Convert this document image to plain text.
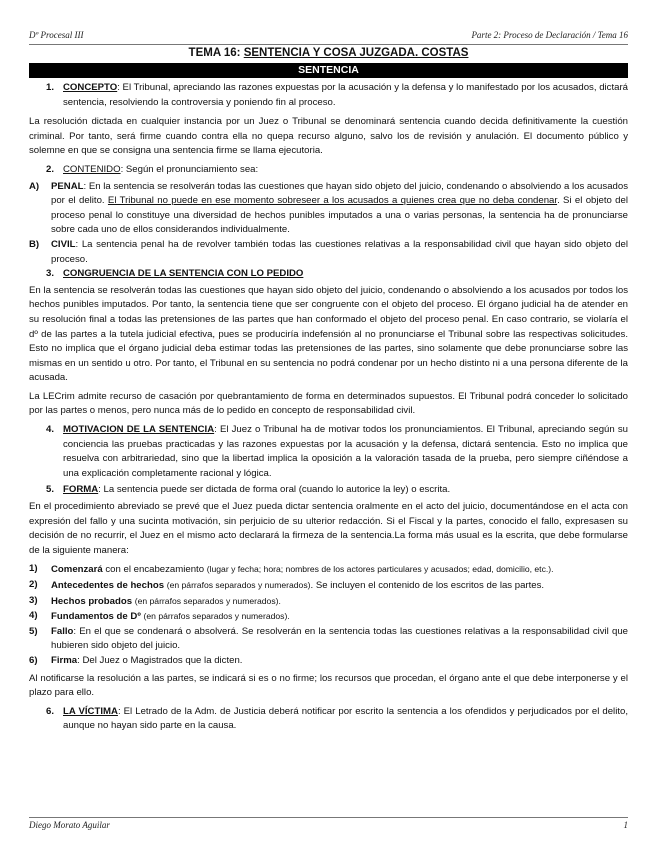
Dº Procesal III	Parte 2: Proceso de Declaración / Tema 16
TEMA 16: SENTENCIA Y COSA JUZGADA. COSTAS
SENTENCIA
1. CONCEPTO: El Tribunal, apreciando las razones expuestas por la acusación y la defensa y lo manifestado por los acusados, dictará sentencia, resolviendo la controversia y poniendo fin al proceso.

La resolución dictada en cualquier instancia por un Juez o Tribunal se denominará sentencia cuando decida definitivamente la cuestión criminal. Por tanto, será firme cuando contra ella no quepa recurso alguno, salvo los de revisión y anulación. El documento público y solemne en que se consigna una sentencia firme se llama ejecutoria.

2. CONTENIDO: Según el pronunciamiento sea:
A)	PENAL: En la sentencia se resolverán todas las cuestiones que hayan sido objeto del juicio, condenando o absolviendo a los acusados por el delito. El Tribunal no puede en ese momento sobreseer a los acusados a quienes crea que no deba condenar. Si el objeto del proceso penal lo constituye una diversidad de hechos punibles imputados a una o varias personas, la sentencia ha de pronunciarse sobre cada uno de ellos considerandos individualmente.
B)	CIVIL: La sentencia penal ha de revolver también todas las cuestiones relativas a la responsabilidad civil que hayan sido objeto del proceso.
3. CONGRUENCIA DE LA SENTENCIA CON LO PEDIDO

En la sentencia se resolverán todas las cuestiones que hayan sido objeto del juicio, condenando o absolviendo a los acusados por todos los hechos punibles imputados. Por tanto, la sentencia tiene que ser congruente con el objeto del proceso. El órgano judicial ha de atender en su resolución final a todas las pretensiones de las partes que han conformado el objeto del proceso penal. En caso contrario, se violaría el dº de las partes a la tutela judicial efectiva, pues se produciría indefensión al no pronunciarse el Tribunal sobre las respectivas solicitudes. Esto no implica que el órgano judicial deba estimar todas las pretensiones de las partes, sino solamente que debe pronunciarse sobre las mismas en un sentido u otro. Por tanto, el Tribunal en su sentencia no podrá condenar por un hecho distinto ni a una persona diferente de la acusada.

La LECrim admite recurso de casación por quebrantamiento de forma en determinados supuestos. El Tribunal podrá conceder lo solicitado por las partes o menos, pero nunca más de lo pedido en concepto de responsabilidad civil.

4. MOTIVACION DE LA SENTENCIA: El Juez o Tribunal ha de motivar todos los pronunciamientos. El Tribunal, apreciando según su conciencia las pruebas practicadas y las razones expuestas por la acusación y la defensa, dictará sentencia. Esto no implica que resuelva con arbitrariedad, sino que la libertad implica la oposición a la valoración tasada de la prueba, pero siempre ciñéndose a una explicación completamente racional y lógica.
5. FORMA: La sentencia puede ser dictada de forma oral (cuando lo autorice la ley) o escrita.

En el procedimiento abreviado se prevé que el Juez pueda dictar sentencia oralmente en el acto del juicio, documentándose en el acta con expresión del fallo y una sucinta motivación, sin perjuicio de su ulterior redacción. Si el Fiscal y la partes, conocido el fallo, expresasen su decisión de no recurrir, el Juez en el mismo acto declarará la firmeza de la sentencia.La forma más usual es la escrita, que debe formularse de la siguiente manera:

1)	Comenzará con el encabezamiento (lugar y fecha; hora; nombres de los actores particulares y acusados; edad, domicilio, etc.).
2)	Antecedentes de hechos (en párrafos separados y numerados). Se incluyen el contenido de los escritos de las partes.
3)	Hechos probados (en párrafos separados y numerados).
4)	Fundamentos de Dº (en párrafos separados y numerados).
5)	Fallo: En el que se condenará o absolverá. Se resolverán en la sentencia todas las cuestiones relativas a la responsabilidad civil que hubieren sido objeto del juicio.
6)	Firma: Del Juez o Magistrados que la dicten.

Al notificarse la resolución a las partes, se indicará si es o no firme; los recursos que procedan, el órgano ante el que debe interponerse y el plazo para ello.

6. LA VÍCTIMA: El Letrado de la Adm. de Justicia deberá notificar por escrito la sentencia a los ofendidos y perjudicados por el delito, aunque no hayan sido parte en la causa.
Diego Morato Aguilar	1
